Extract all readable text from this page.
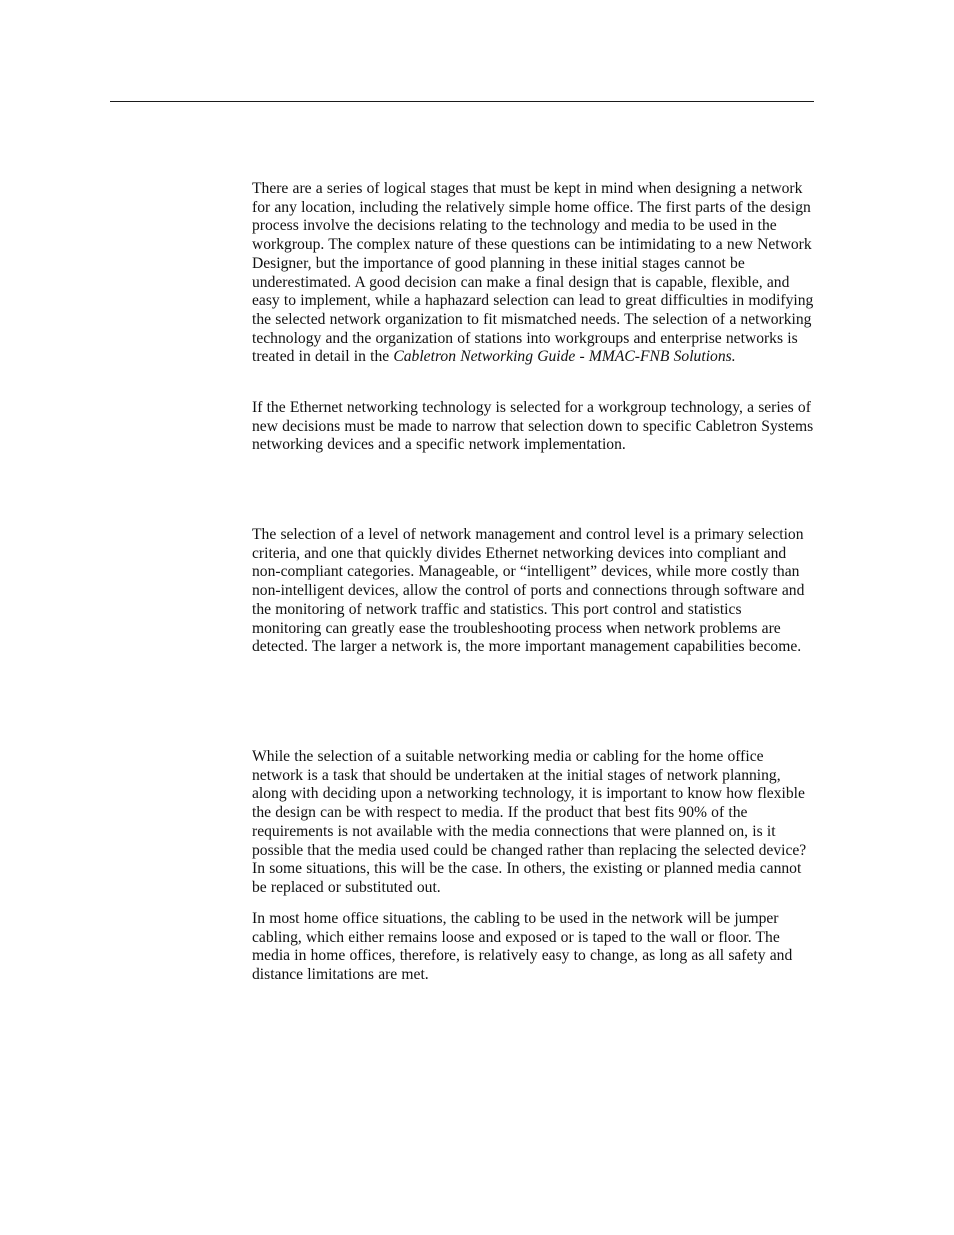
There are a series of logical stages that must be kept in mind when designing a network for any location, including the relatively simple home office. The first parts of the design process involve the decisions relating to the technology and media to be used in the workgroup. The complex nature of these questions can be intimidating to a new Network Designer, but the importance of good planning in these initial stages cannot be underestimated. A good decision can make a final design that is capable, flexible, and easy to implement, while a haphazard selection can lead to great difficulties in modifying the selected network organization to fit mismatched needs. The selection of a networking technology and the organization of stations into workgroups and enterprise networks is treated in detail in the Cabletron Networking Guide - MMAC-FNB Solutions.

If the Ethernet networking technology is selected for a workgroup technology, a series of new decisions must be made to narrow that selection down to specific Cabletron Systems networking devices and a specific network implementation.

The selection of a level of network management and control level is a primary selection criteria, and one that quickly divides Ethernet networking devices into compliant and non-compliant categories. Manageable, or “intelligent” devices, while more costly than non-intelligent devices, allow the control of ports and connections through software and the monitoring of network traffic and statistics. This port control and statistics monitoring can greatly ease the troubleshooting process when network problems are detected. The larger a network is, the more important management capabilities become.

While the selection of a suitable networking media or cabling for the home office network is a task that should be undertaken at the initial stages of network planning, along with deciding upon a networking technology, it is important to know how flexible the design can be with respect to media. If the product that best fits 90% of the requirements is not available with the media connections that were planned on, is it possible that the media used could be changed rather than replacing the selected device? In some situations, this will be the case. In others, the existing or planned media cannot be replaced or substituted out.

In most home office situations, the cabling to be used in the network will be jumper cabling, which either remains loose and exposed or is taped to the wall or floor. The media in home offices, therefore, is relatively easy to change, as long as all safety and distance limitations are met.
